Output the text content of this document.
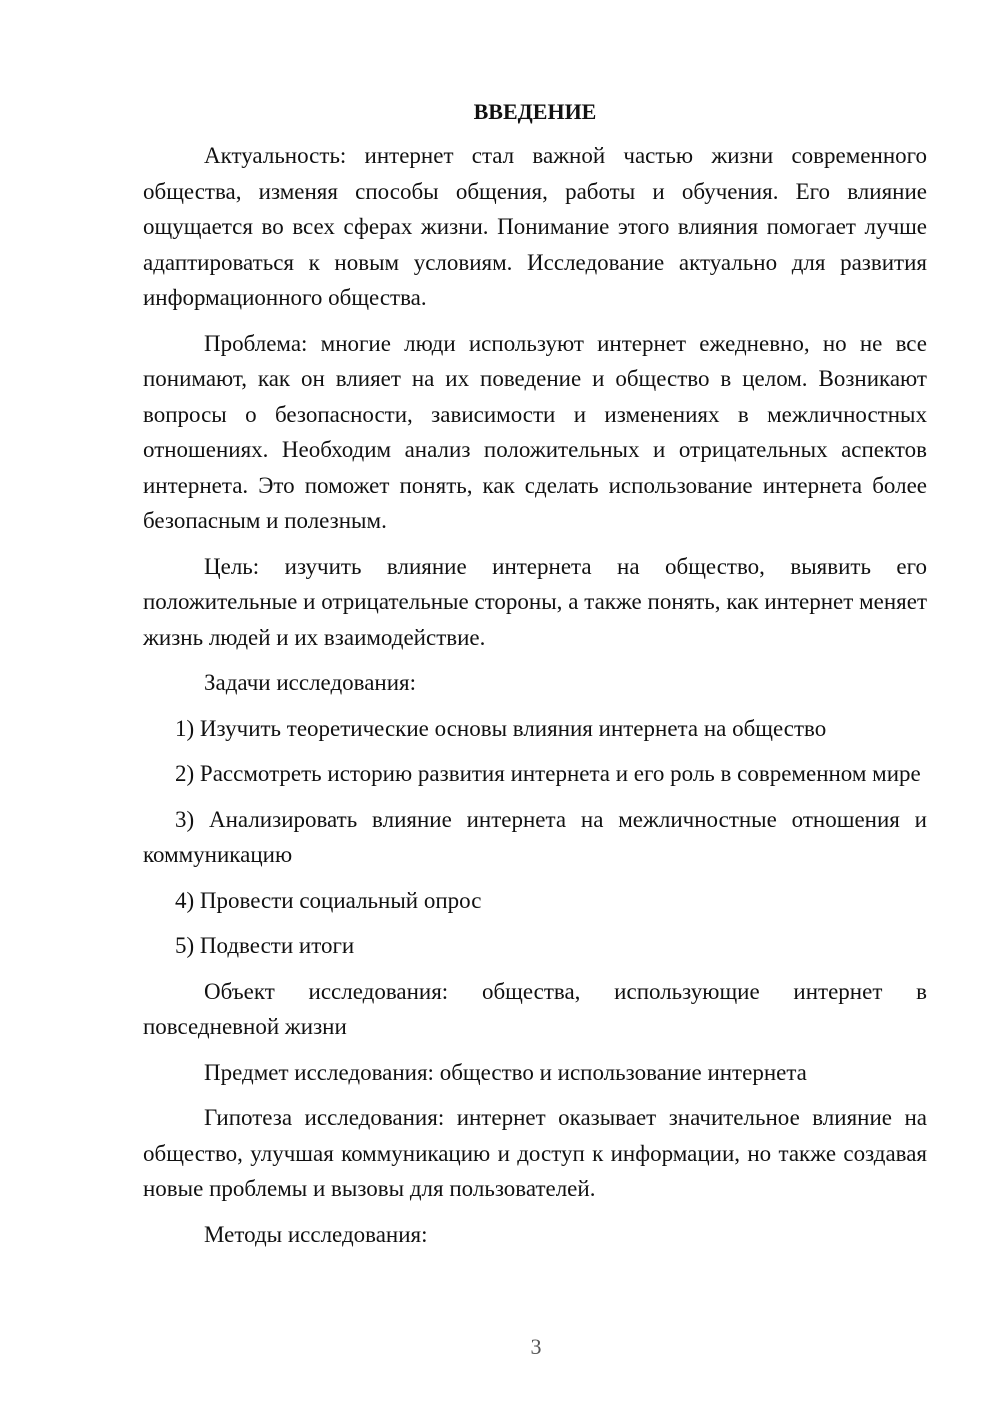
ВВЕДЕНИЕ

Актуальность: интернет стал важной частью жизни современного общества, изменяя способы общения, работы и обучения. Его влияние ощущается во всех сферах жизни. Понимание этого влияния помогает лучше адаптироваться к новым условиям. Исследование актуально для развития информационного общества.

Проблема: многие люди используют интернет ежедневно, но не все понимают, как он влияет на их поведение и общество в целом. Возникают вопросы о безопасности, зависимости и изменениях в межличностных отношениях. Необходим анализ положительных и отрицательных аспектов интернета. Это поможет понять, как сделать использование интернета более безопасным и полезным.

Цель: изучить влияние интернета на общество, выявить его положительные и отрицательные стороны, а также понять, как интернет меняет жизнь людей и их взаимодействие.

Задачи исследования:

1) Изучить теоретические основы влияния интернета на общество

2) Рассмотреть историю развития интернета и его роль в современном мире

3) Анализировать влияние интернета на межличностные отношения и коммуникацию

4) Провести социальный опрос

5) Подвести итоги

Объект исследования: общества, использующие интернет в повседневной жизни

Предмет исследования: общество и использование интернета

Гипотеза исследования: интернет оказывает значительное влияние на общество, улучшая коммуникацию и доступ к информации, но также создавая новые проблемы и вызовы для пользователей.

Методы исследования:

3
